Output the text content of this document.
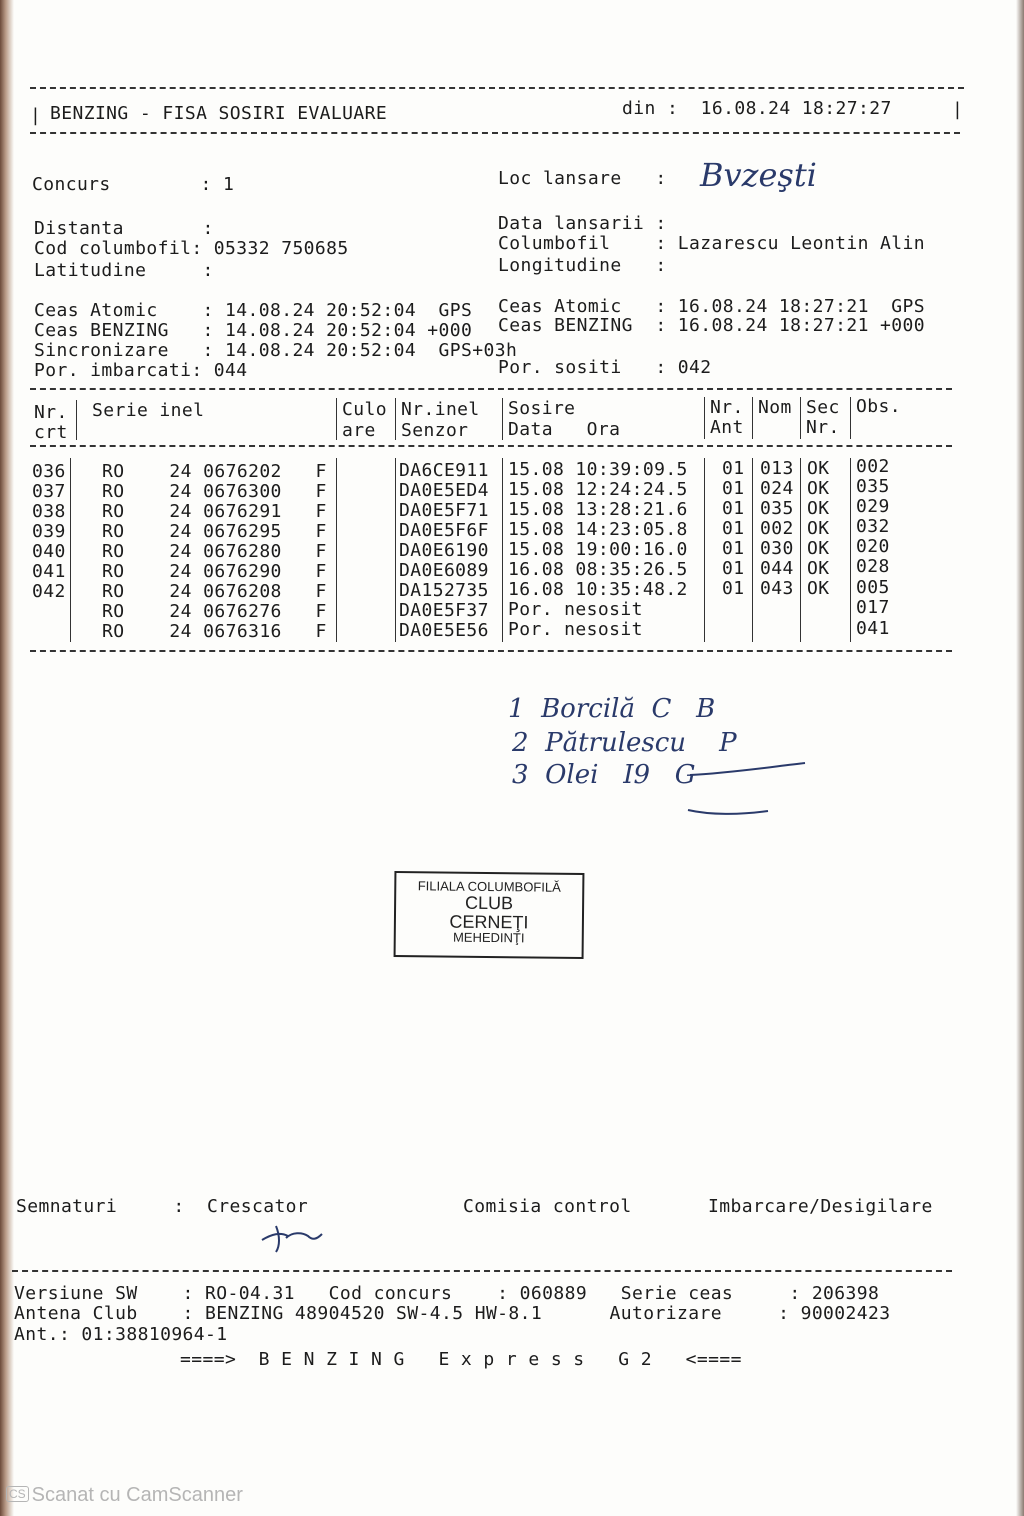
| BENZING - FISA SOSIRI EVALUARE	din :  16.08.24 18:27:27	|
Concurs        : 1	Loc lansare   : Bvzeşti
Distanta       :	Data lansarii :
Cod columbofil: 05332 750685	Columbofil    : Lazarescu Leontin Alin
Latitudine     :	Longitudine   :
Ceas Atomic    : 14.08.24 20:52:04  GPS Ceas Atomic   : 16.08.24 18:27:21  GPS
Ceas BENZING   : 14.08.24 20:52:04 +000 Ceas BENZING  : 16.08.24 18:27:21 +000
Sincronizare   : 14.08.24 20:52:04  GPS+03h
Por. imbarcati: 044	Por. sositi   : 042
Nr.
crt
Serie inel	Culo
are
Nr.inel
Senzor
Sosire
Data   Ora
Nr.
Ant
Nom Sec
Nr.
Obs.
036 RO    24 0676202   F	DA6CE911 15.08 10:39:09.5 01 013 OK 002
037 RO    24 0676300   F	DA0E5ED4 15.08 12:24:24.5 01 024 OK 035
038 RO    24 0676291   F	DA0E5F71 15.08 13:28:21.6 01 035 OK 029
039 RO    24 0676295   F	DA0E5F6F 15.08 14:23:05.8 01 002 OK 032
040 RO    24 0676280   F	DA0E6190 15.08 19:00:16.0 01 030 OK 020
041 RO    24 0676290   F	DA0E6089 16.08 08:35:26.5 01 044 OK 028
042 RO    24 0676208   F	DA152735 16.08 10:35:48.2 01 043 OK 005
RO    24 0676276   F	DA0E5F37 Por. nesosit	017
RO    24 0676316   F	DA0E5E56 Por. nesosit	041
1  Borcilă  C   B
2  Pătrulescu    P
3  Olei   I9   G
FILIALA COLUMBOFILĂ
CLUB
CERNEŢI
MEHEDINŢI
Semnaturi     :  Crescator	Comisia control	Imbarcare/Desigilare
Versiune SW    : RO-04.31   Cod concurs    : 060889   Serie ceas     : 206398
Antena Club    : BENZING 48904520 SW-4.5 HW-8.1      Autorizare     : 90002423
Ant.: 01:38810964-1
====>  B E N Z I N G   E x p r e s s   G 2   <====
CS Scanat cu CamScanner
